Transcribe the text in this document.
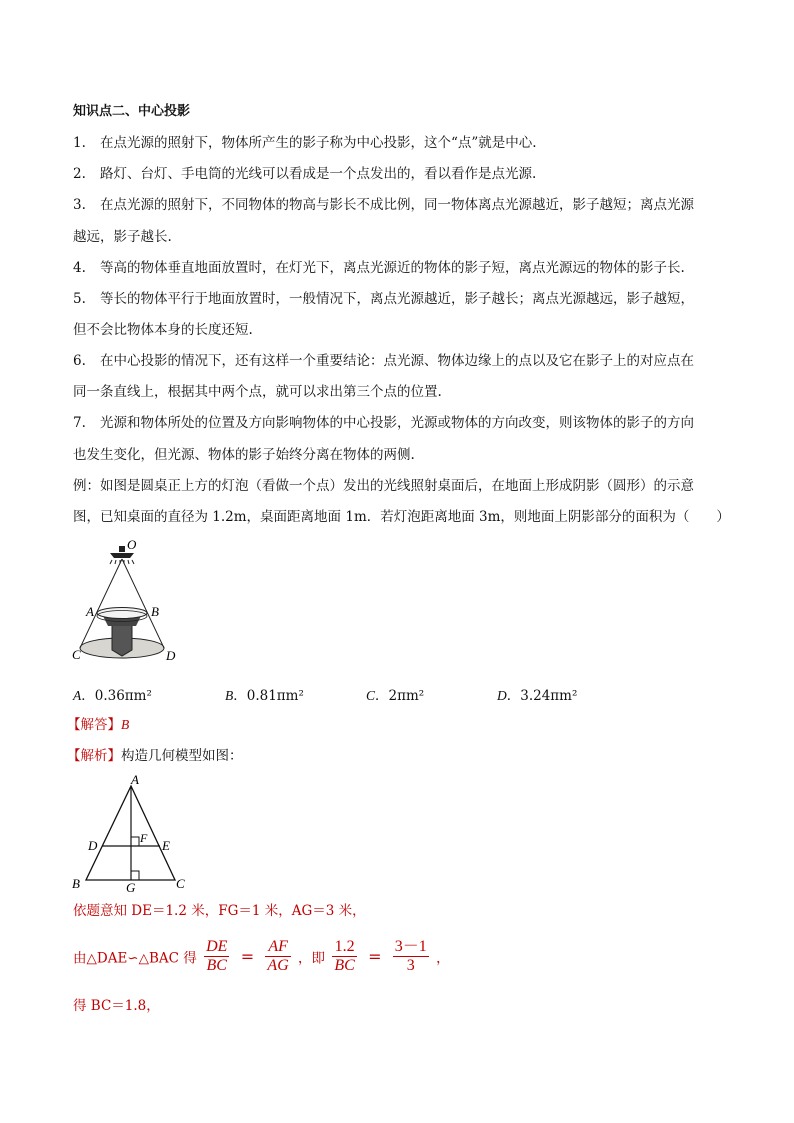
知识点二、中心投影
1. 在点光源的照射下，物体所产生的影子称为中心投影，这个“点”就是中心.
2. 路灯、台灯、手电筒的光线可以看成是一个点发出的，看以看作是点光源.
3. 在点光源的照射下，不同物体的物高与影长不成比例，同一物体离点光源越近，影子越短；离点光源
越远，影子越长.
4. 等高的物体垂直地面放置时，在灯光下，离点光源近的物体的影子短，离点光源远的物体的影子长.
5. 等长的物体平行于地面放置时，一般情况下，离点光源越近，影子越长；离点光源越远，影子越短，
但不会比物体本身的长度还短.
6. 在中心投影的情况下，还有这样一个重要结论：点光源、物体边缘上的点以及它在影子上的对应点在
同一条直线上，根据其中两个点，就可以求出第三个点的位置.
7. 光源和物体所处的位置及方向影响物体的中心投影，光源或物体的方向改变，则该物体的影子的方向
也发生变化，但光源、物体的影子始终分离在物体的两侧.
例：如图是圆桌正上方的灯泡（看做一个点）发出的光线照射桌面后，在地面上形成阴影（圆形）的示意
图，已知桌面的直径为 1.2m，桌面距离地面 1m．若灯泡距离地面 3m，则地面上阴影部分的面积为（　　）
O
A	B
C	D
A．0.36πm²	B．0.81πm²	C．2πm²	D．3.24πm²
【解答】B
【解析】构造几何模型如图：
A
D	E
F
B	G	C
依题意知 DE＝1.2 米，FG＝1 米，AG＝3 米，
由△DAE∽△BAC 得 $\frac{DE}{BC} = \frac{AF}{AG}$ ，即 $\frac{1.2}{BC} = \frac{3-1}{3}$ ，
得 BC＝1.8，
